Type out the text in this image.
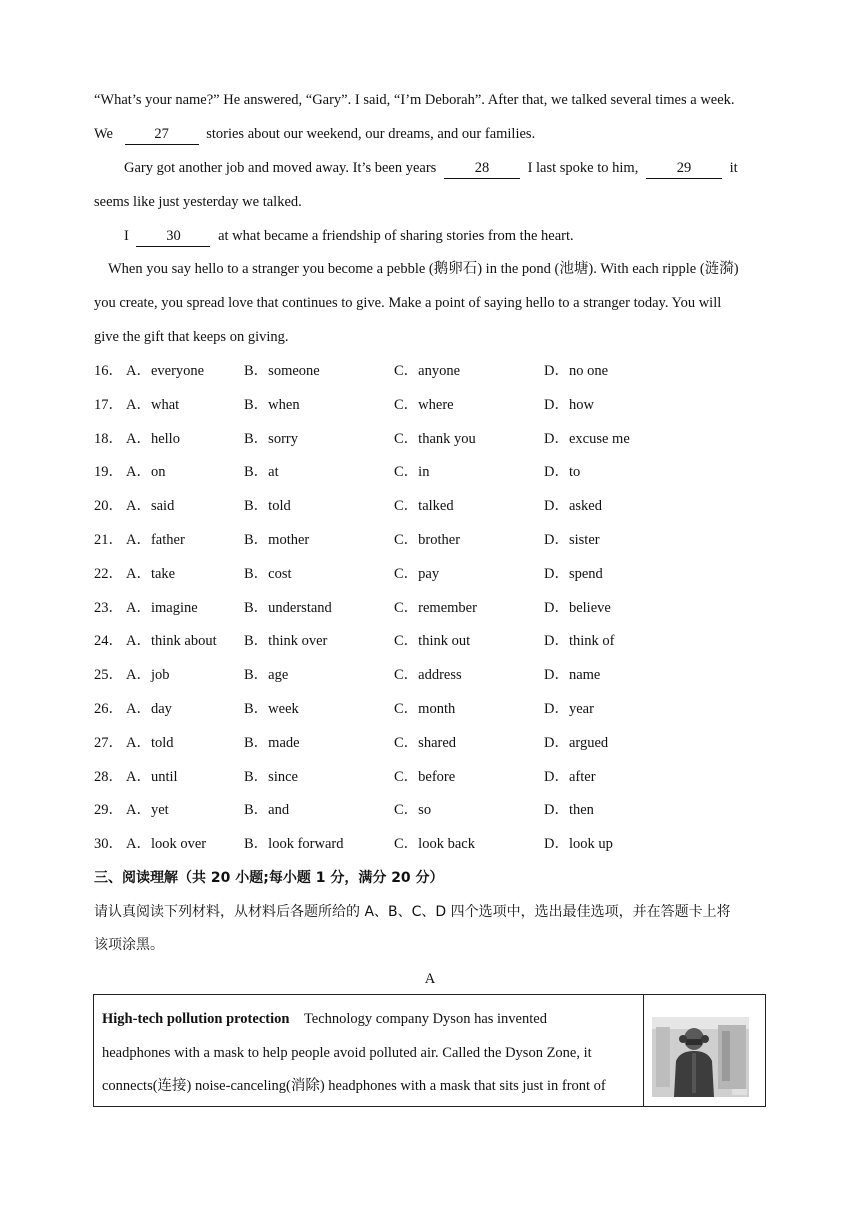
“What’s your name?” He answered, “Gary”. I said, “I’m Deborah”. After that, we talked several times a week.
We	27	stories about our weekend, our dreams, and our families.
Gary got another job and moved away. It’s been years	28	I last spoke to him,	29	it
seems like just yesterday we talked.
I	30	at what became a friendship of sharing stories from the heart.
When you say hello to a stranger you become a pebble (鹅卵石) in the pond (池塘). With each ripple (涟漪)
you create, you spread love that continues to give. Make a point of saying hello to a stranger today. You will
give the gift that keeps on giving.
16． A．everyone	B．someone	C．anyone	D．no one
17． A．what	B．when	C．where	D．how
18． A．hello	B．sorry	C．thank you	D．excuse me
19． A．on	B．at	C．in	D．to
20． A．said	B．told	C．talked	D．asked
21． A．father	B．mother	C．brother	D．sister
22． A．take	B．cost	C．pay	D．spend
23． A．imagine	B．understand	C．remember	D．believe
24． A．think about B．think over	C．think out	D．think of
25． A．job	B．age	C．address	D．name
26． A．day	B．week	C．month	D．year
27． A．told	B．made	C．shared	D．argued
28． A．until	B．since	C．before	D．after
29． A．yet	B．and	C．so	D．then
30． A．look over	B．look forward	C．look back	D．look up
三、阅读理解（共 20 小题;每小题 1 分，满分 20 分）
请认真阅读下列材料，从材料后各题所给的 A、B、C、D 四个选项中，选出最佳选项，并在答题卡上将
该项涂黑。
A
High-tech pollution protection Technology company Dyson has invented
headphones with a mask to help people avoid polluted air. Called the Dyson Zone, it
connects(连接) noise-canceling(消除) headphones with a mask that sits just in front of
